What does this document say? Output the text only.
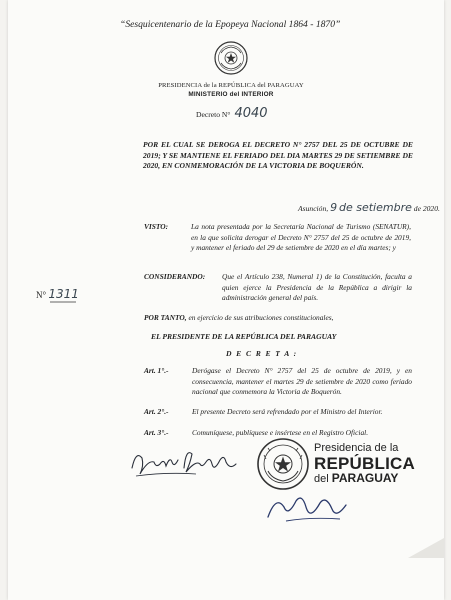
“Sesquicentenario de la Epopeya Nacional 1864 - 1870”
PRESIDENCIA de la REPÚBLICA del PARAGUAY
MINISTERIO del INTERIOR
Decreto N° 4040
POR EL CUAL SE DEROGA EL DECRETO N° 2757 DEL 25 DE OCTUBRE DE 2019; Y SE MANTIENE EL FERIADO DEL DIA MARTES 29 DE SETIEMBRE DE 2020, EN CONMEMORACIÓN DE LA VICTORIA DE BOQUERÓN.
Asunción, 9 de setiembre de 2020.
VISTO:	La nota presentada por la Secretaría Nacional de Turismo (SENATUR), en la que solicita derogar el Decreto N° 2757 del 25 de octubre de 2019, y mantener el feriado del 29 de setiembre de 2020 en el día martes; y
CONSIDERANDO: Que el Artículo 238, Numeral 1) de la Constitución, faculta a quien ejerce la Presidencia de la República a dirigir la administración general del país.
N° 1311
POR TANTO, en ejercicio de sus atribuciones constitucionales,
EL PRESIDENTE DE LA REPÚBLICA DEL PARAGUAY
D E C R E T A :
Art. 1°.-	Derógase el Decreto N° 2757 del 25 de octubre de 2019, y en consecuencia, mantener el martes 29 de setiembre de 2020 como feriado nacional que conmemora la Victoria de Boquerón.
Art. 2°.-	El presente Decreto será refrendado por el Ministro del Interior.
Art. 3°.-	Comuníquese, publíquese e insértese en el Registro Oficial.
Presidencia de la
REPÚBLICA
del PARAGUAY
